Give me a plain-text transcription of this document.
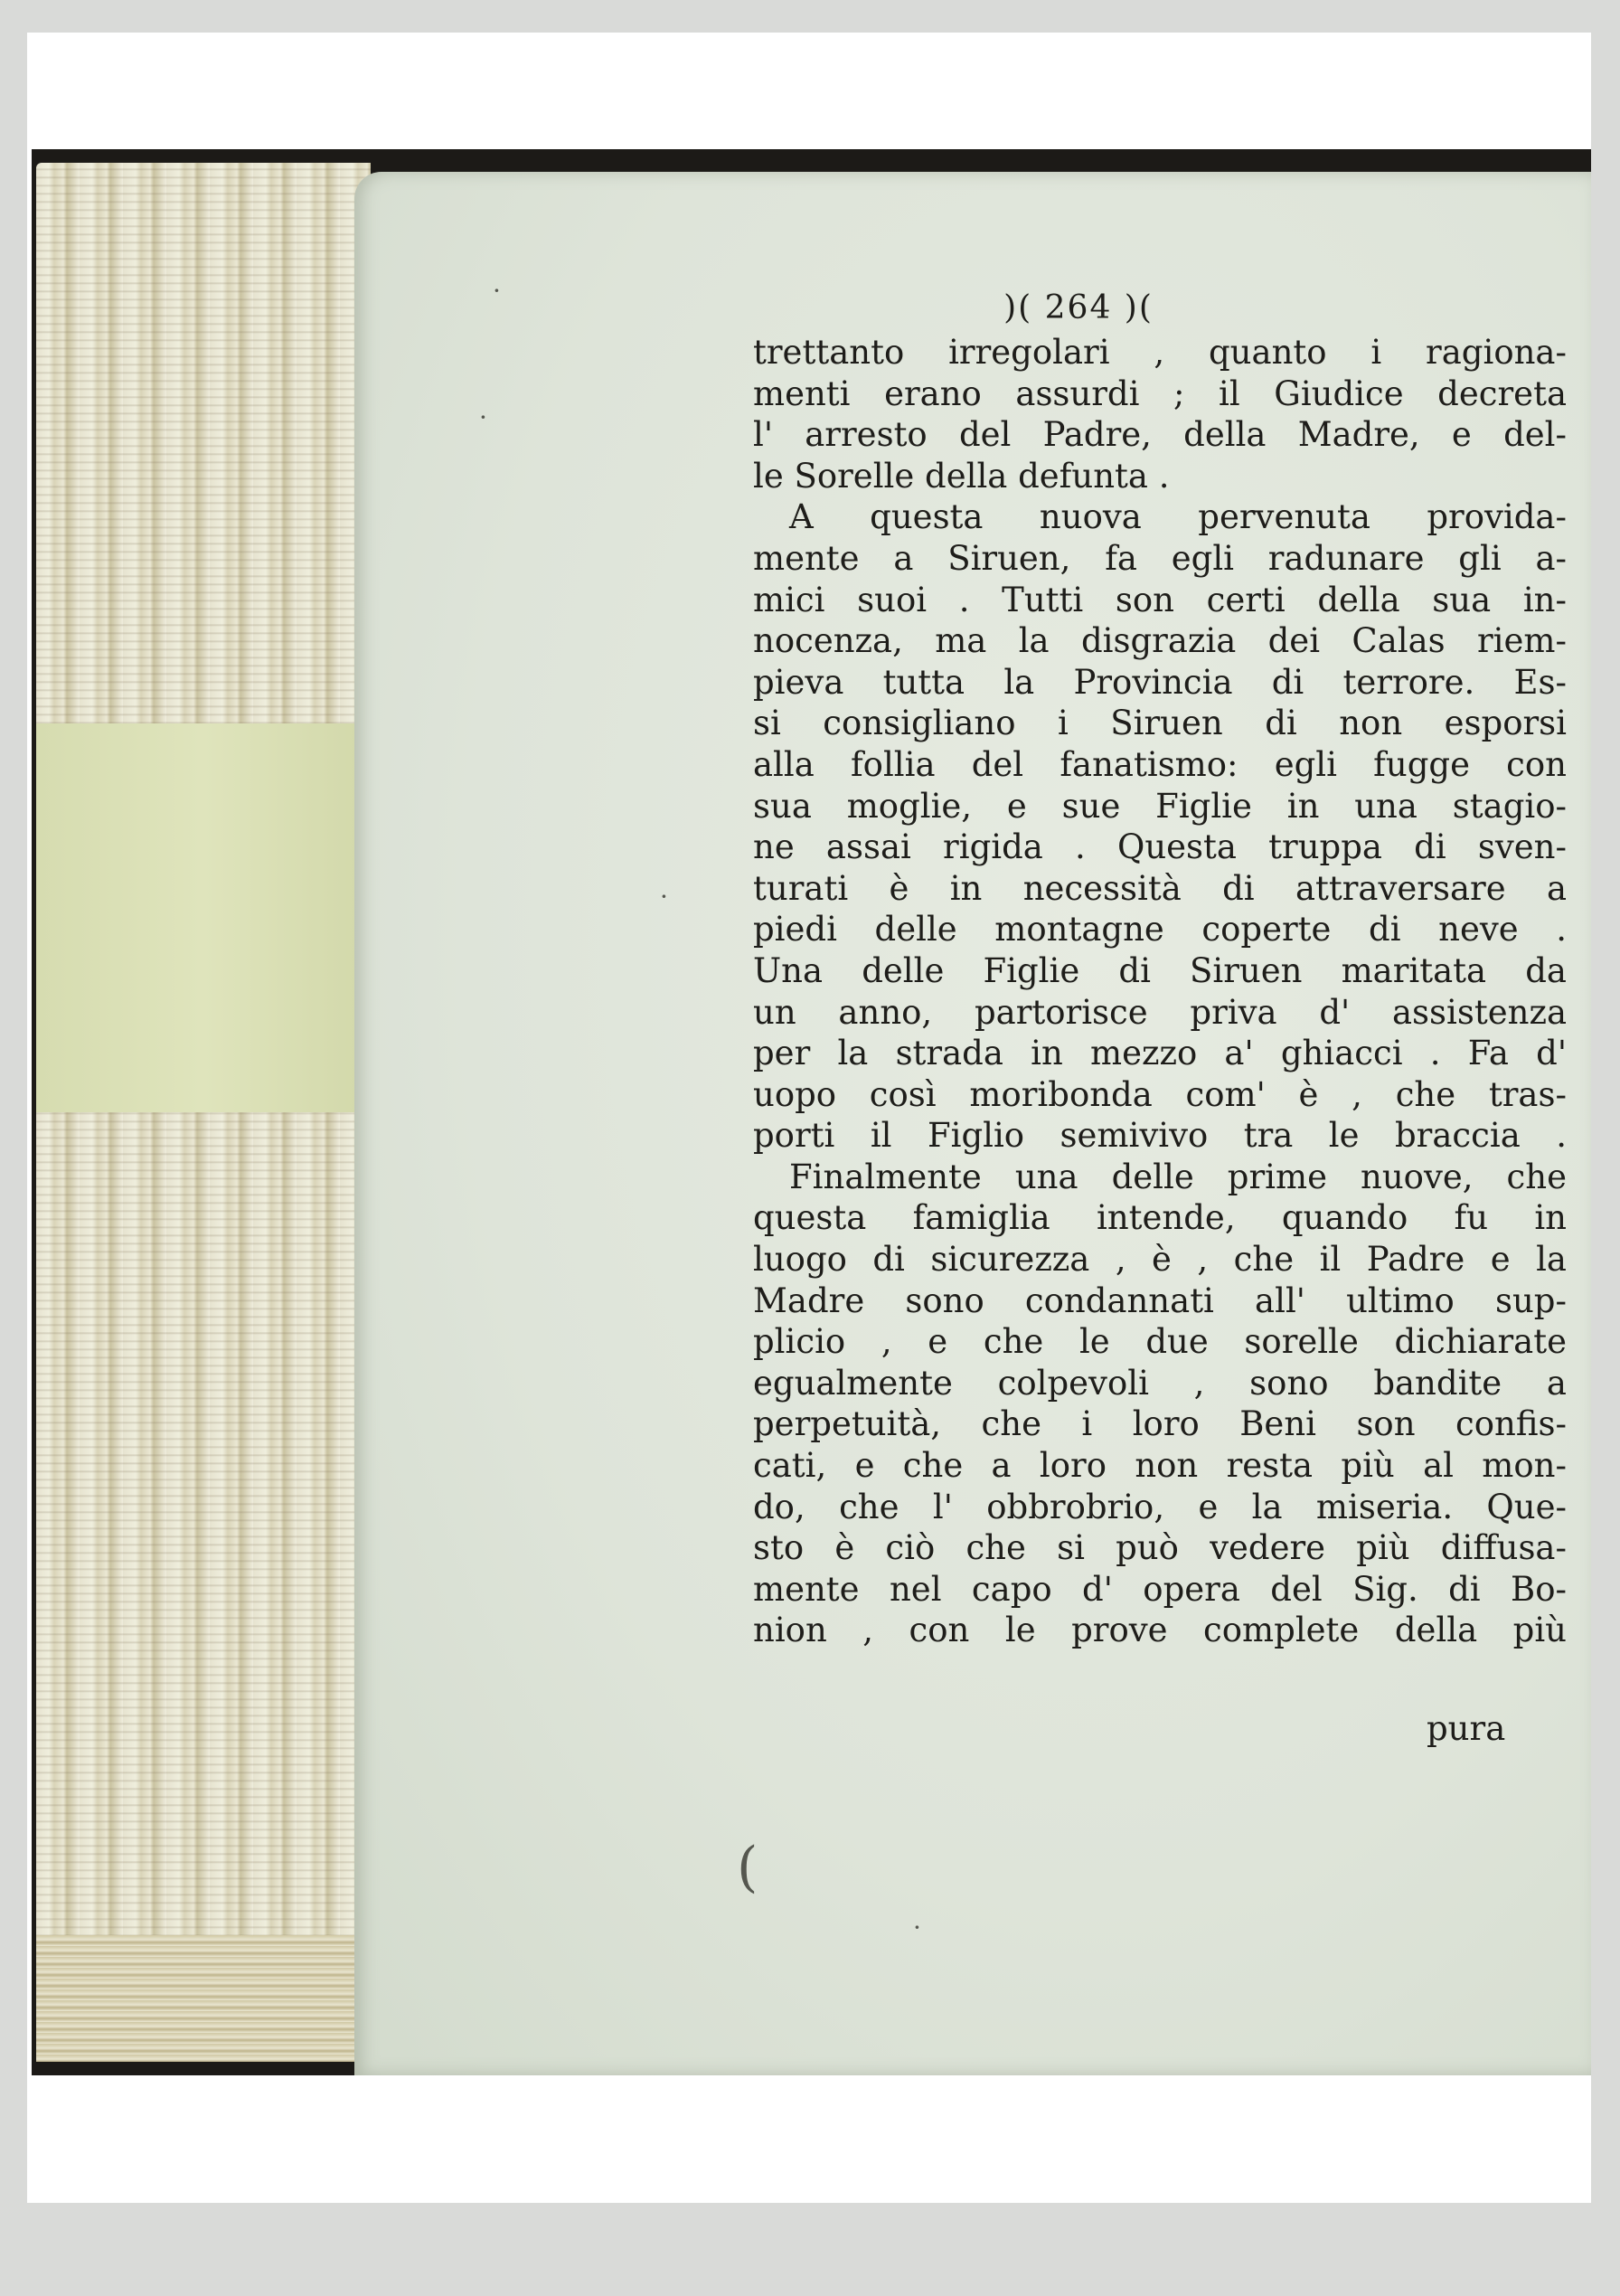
·
·
·
·
(
)( 264 )(

trettanto irregolari , quanto i ragiona-

menti erano assurdi ; il Giudice decreta

l' arresto del Padre, della Madre, e del-

le Sorelle della defunta .

A questa nuova pervenuta provida-

mente a Siruen, fa egli radunare gli a-

mici suoi . Tutti son certi della sua in-

nocenza, ma la disgrazia dei Calas riem-

pieva tutta la Provincia di terrore. Es-

si consigliano i Siruen di non esporsi

alla follia del fanatismo: egli fugge con

sua moglie, e sue Figlie in una stagio-

ne assai rigida . Questa truppa di sven-

turati è in necessità di attraversare a

piedi delle montagne coperte di neve .

Una delle Figlie di Siruen maritata da

un anno, partorisce priva d' assistenza

per la strada in mezzo a' ghiacci . Fa d'

uopo così moribonda com' è , che tras-

porti il Figlio semivivo tra le braccia .

Finalmente una delle prime nuove, che

questa famiglia intende, quando fu in

luogo di sicurezza , è , che il Padre e la

Madre sono condannati all' ultimo sup-

plicio , e che le due sorelle dichiarate

egualmente colpevoli , sono bandite a

perpetuità, che i loro Beni son confis-

cati, e che a loro non resta più al mon-

do, che l' obbrobrio, e la miseria. Que-

sto è ciò che si può vedere più diffusa-

mente nel capo d' opera del Sig. di Bo-

nion , con le prove complete della più

pura
